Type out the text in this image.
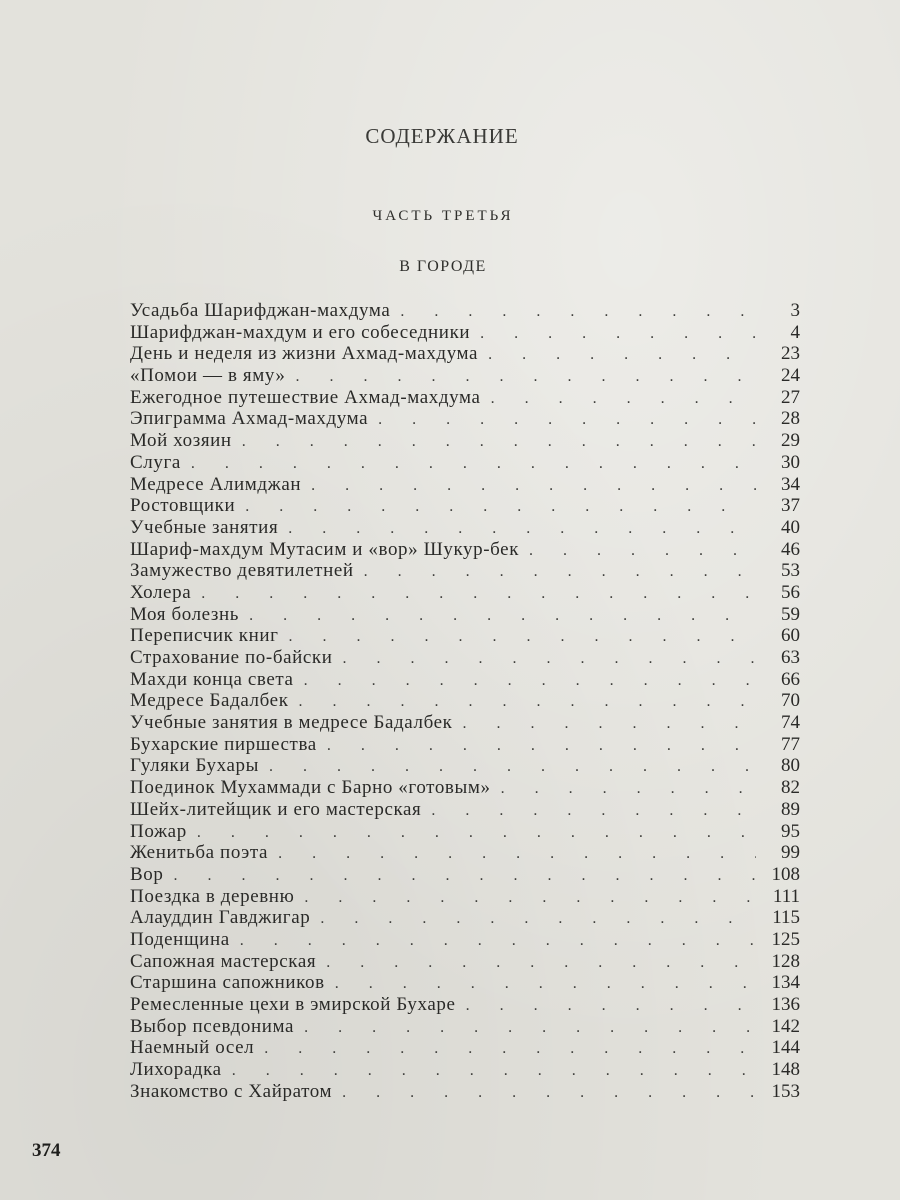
СОДЕРЖАНИЕ
ЧАСТЬ ТРЕТЬЯ
В ГОРОДЕ
Усадьба Шарифджан-махдума . . .	3
Шарифджан-махдум и его собеседники . . .	4
День и неделя из жизни Ахмад-махдума . . .	23
«Помои — в яму» . . .	24
Ежегодное путешествие Ахмад-махдума . . .	27
Эпиграмма Ахмад-махдума . . .	28
Мой хозяин . . .	29
Слуга . . .	30
Медресе Алимджан . . .	34
Ростовщики . . .	37
Учебные занятия . . .	40
Шариф-махдум Мутасим и «вор» Шукур-бек . . .	46
Замужество девятилетней . . .	53
Холера . . .	56
Моя болезнь . . .	59
Переписчик книг . . .	60
Страхование по-байски . . .	63
Махди конца света . . .	66
Медресе Бадалбек . . .	70
Учебные занятия в медресе Бадалбек . . .	74
Бухарские пиршества . . .	77
Гуляки Бухары . . .	80
Поединок Мухаммади с Барно «готовым» . . .	82
Шейх-литейщик и его мастерская . . .	89
Пожар . . .	95
Женитьба поэта . . .	99
Вор . . .	108
Поездка в деревню . . .	111
Алауддин Гавджигар . . .	115
Поденщина . . .	125
Сапожная мастерская . . .	128
Старшина сапожников . . .	134
Ремесленные цехи в эмирской Бухаре . . .	136
Выбор псевдонима . . .	142
Наемный осел . . .	144
Лихорадка . . .	148
Знакомство с Хайратом . . .	153
374
